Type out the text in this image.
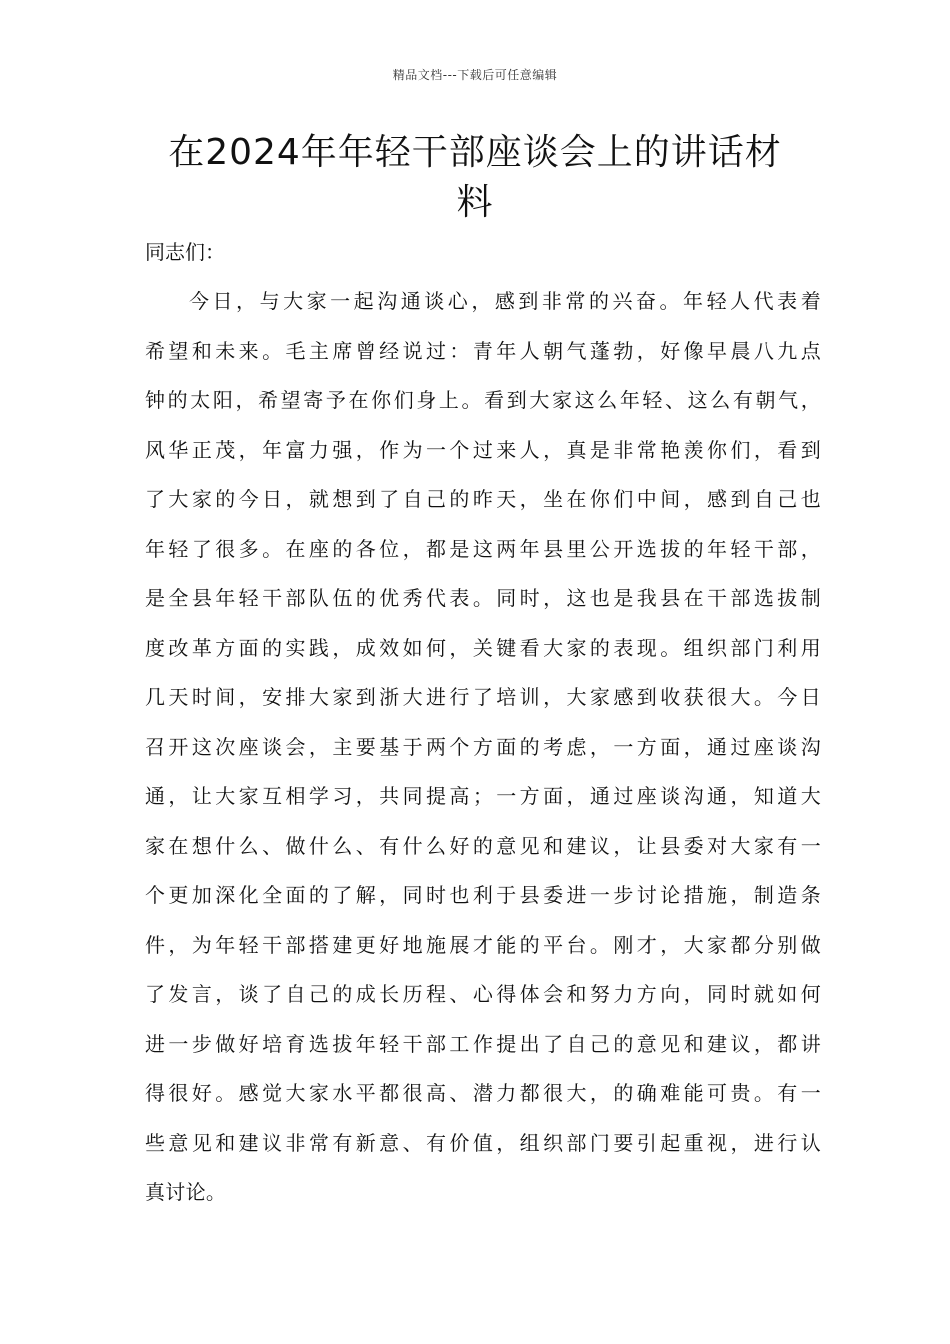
精品文档---下载后可任意编辑
在2024年年轻干部座谈会上的讲话材
料

同志们：

今日，与大家一起沟通谈心，感到非常的兴奋。年轻人代表着
希望和未来。毛主席曾经说过：青年人朝气蓬勃，好像早晨八九点
钟的太阳，希望寄予在你们身上。看到大家这么年轻、这么有朝气，
风华正茂，年富力强，作为一个过来人，真是非常艳羡你们，看到
了大家的今日，就想到了自己的昨天，坐在你们中间，感到自己也
年轻了很多。在座的各位，都是这两年县里公开选拔的年轻干部，
是全县年轻干部队伍的优秀代表。同时，这也是我县在干部选拔制
度改革方面的实践，成效如何，关键看大家的表现。组织部门利用
几天时间，安排大家到浙大进行了培训，大家感到收获很大。今日
召开这次座谈会，主要基于两个方面的考虑，一方面，通过座谈沟
通，让大家互相学习，共同提高；一方面，通过座谈沟通，知道大
家在想什么、做什么、有什么好的意见和建议，让县委对大家有一
个更加深化全面的了解，同时也利于县委进一步讨论措施，制造条
件，为年轻干部搭建更好地施展才能的平台。刚才，大家都分别做
了发言，谈了自己的成长历程、心得体会和努力方向，同时就如何
进一步做好培育选拔年轻干部工作提出了自己的意见和建议，都讲
得很好。感觉大家水平都很高、潜力都很大，的确难能可贵。有一
些意见和建议非常有新意、有价值，组织部门要引起重视，进行认
真讨论。
